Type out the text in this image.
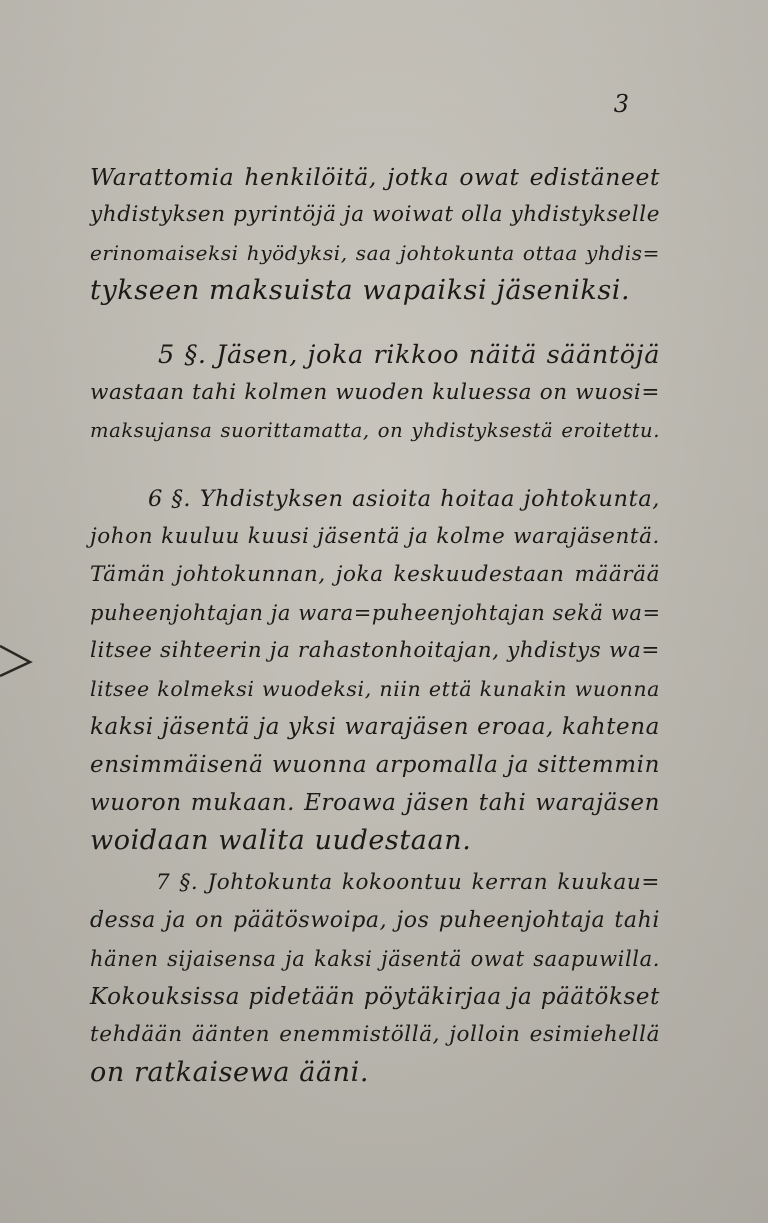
3
Warattomia henkilöitä, jotka owat edistäneet
yhdistyksen pyrintöjä ja woiwat olla yhdistykselle
erinomaiseksi hyödyksi, saa johtokunta ottaa yhdis=
tykseen maksuista wapaiksi jäseniksi.
5 §. Jäsen, joka rikkoo näitä sääntöjä
wastaan tahi kolmen wuoden kuluessa on wuosi=
maksujansa suorittamatta, on yhdistyksestä eroitettu.
6 §. Yhdistyksen asioita hoitaa johtokunta,
johon kuuluu kuusi jäsentä ja kolme warajäsentä.
Tämän johtokunnan, joka keskuudestaan määrää
puheenjohtajan ja wara=puheenjohtajan sekä wa=
litsee sihteerin ja rahastonhoitajan, yhdistys wa=
litsee kolmeksi wuodeksi, niin että kunakin wuonna
kaksi jäsentä ja yksi warajäsen eroaa, kahtena
ensimmäisenä wuonna arpomalla ja sittemmin
wuoron mukaan. Eroawa jäsen tahi warajäsen
woidaan walita uudestaan.
7 §. Johtokunta kokoontuu kerran kuukau=
dessa ja on päätöswoipa, jos puheenjohtaja tahi
hänen sijaisensa ja kaksi jäsentä owat saapuwilla.
Kokouksissa pidetään pöytäkirjaa ja päätökset
tehdään äänten enemmistöllä, jolloin esimiehellä
on ratkaisewa ääni.
